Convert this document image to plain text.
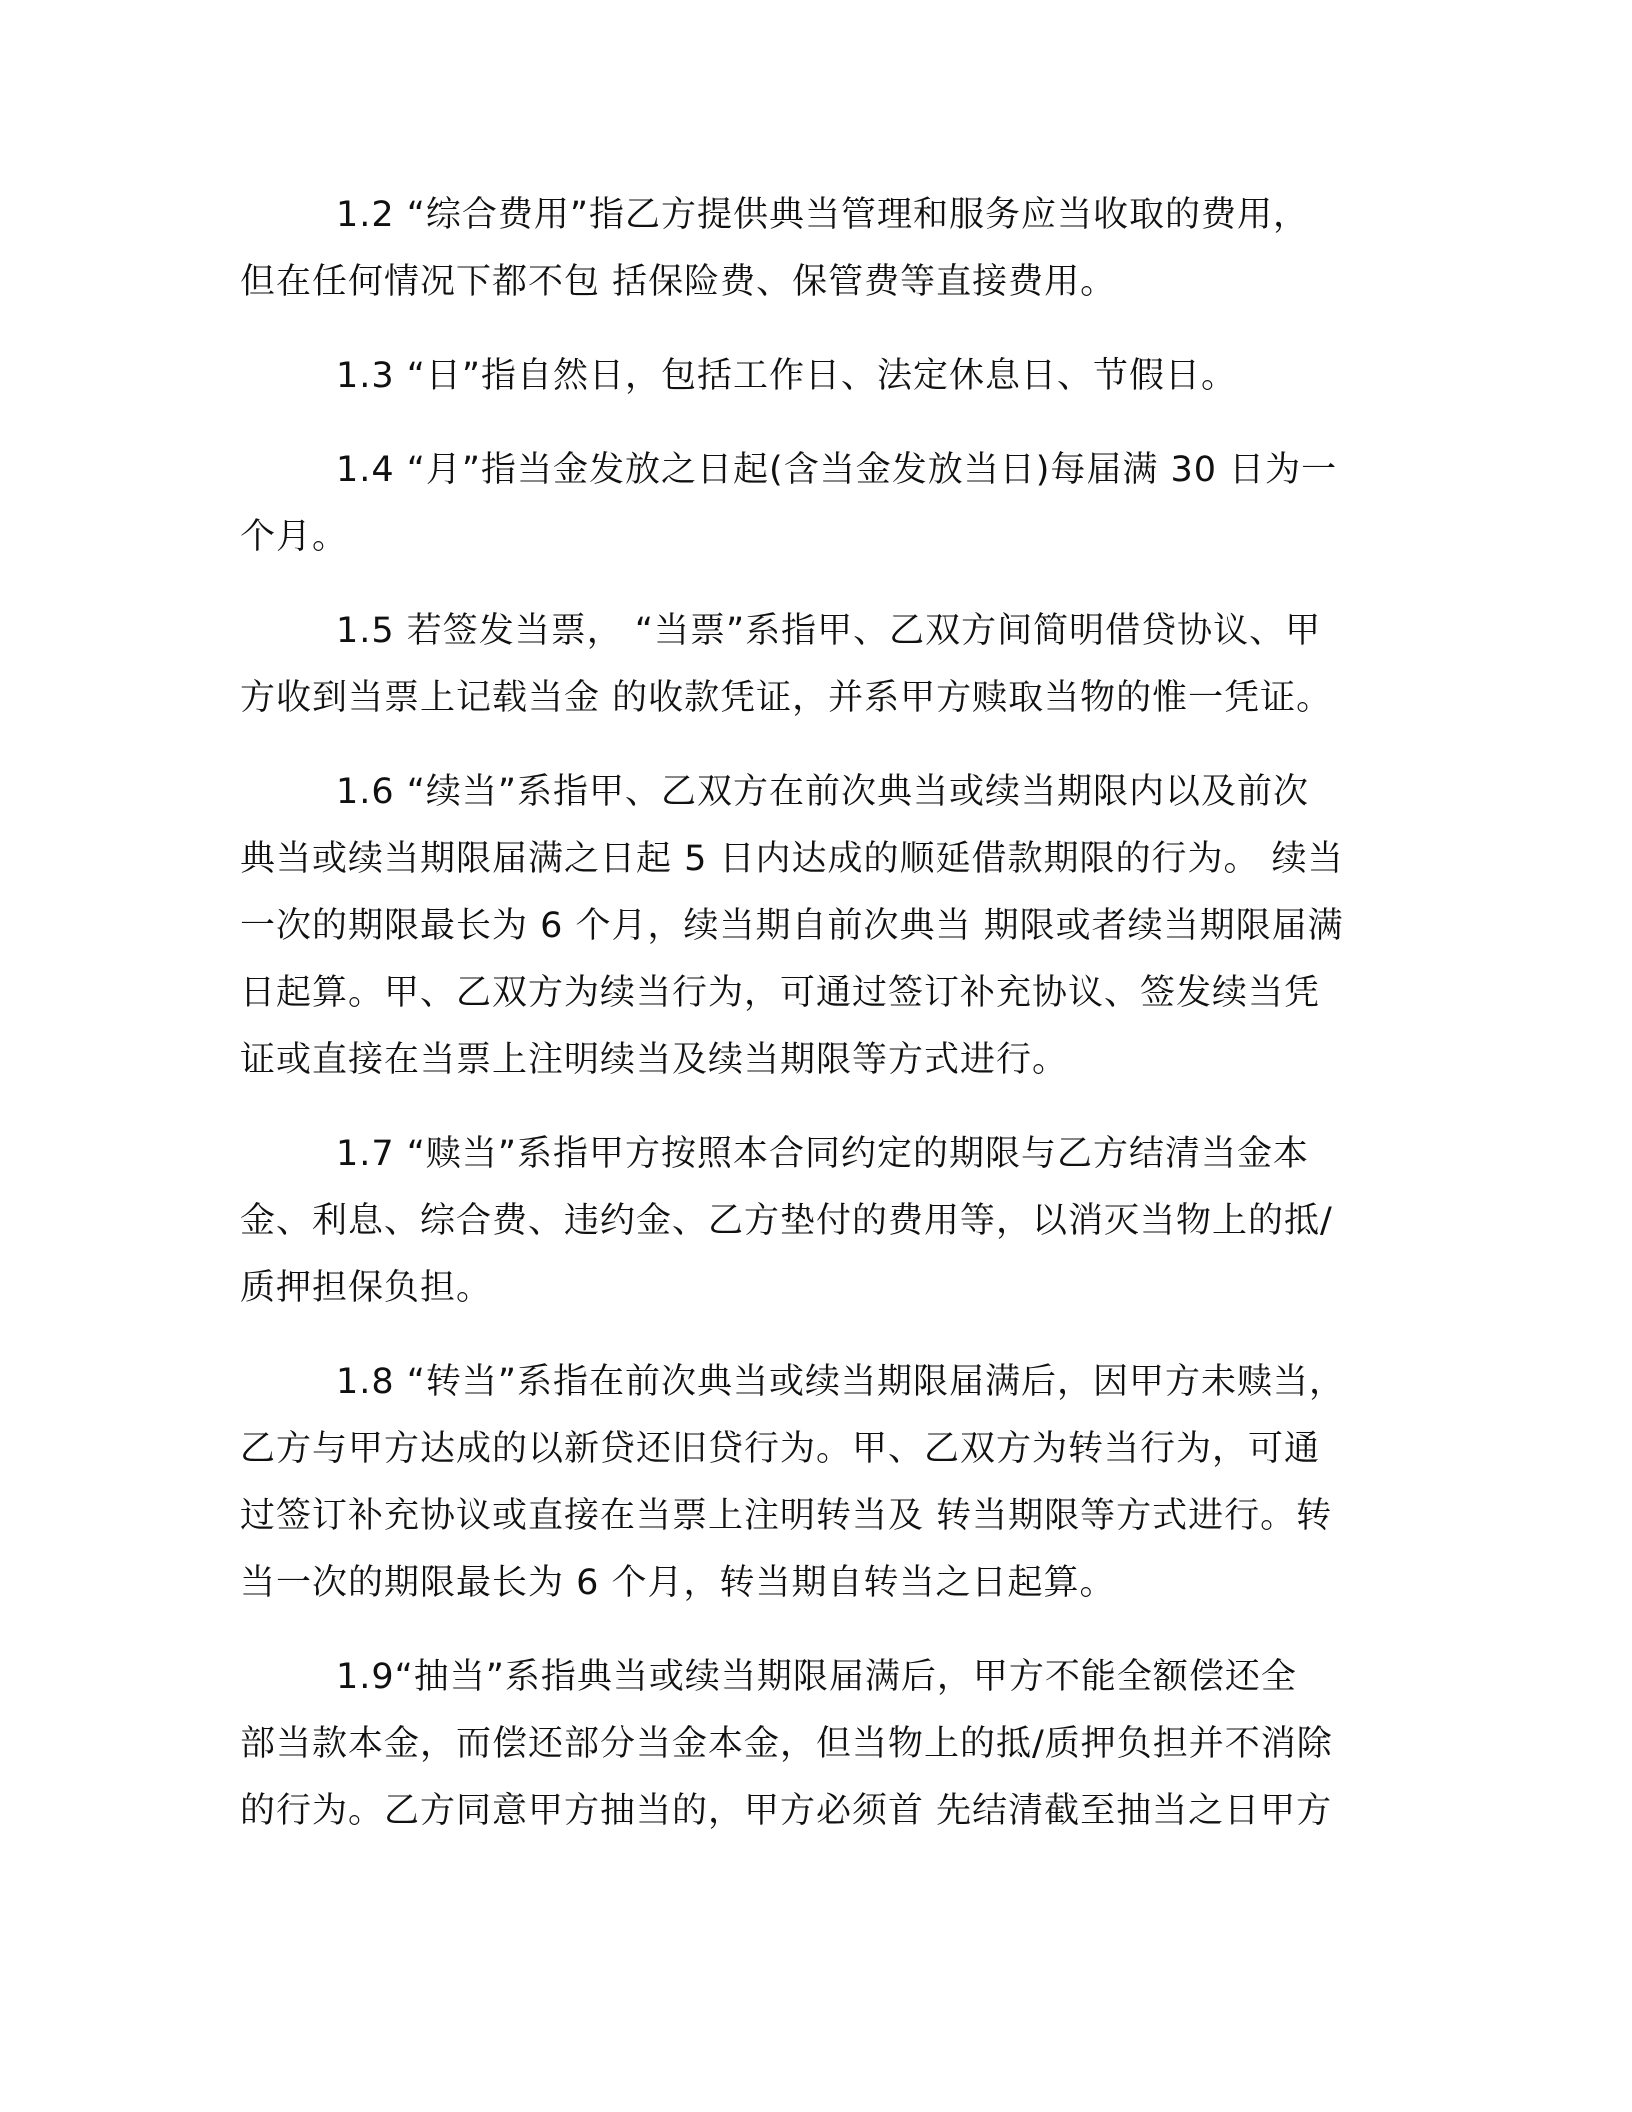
1.2 “综合费用”指乙方提供典当管理和服务应当收取的费用，
但在任何情况下都不包 括保险费、保管费等直接费用。
1.3 “日”指自然日，包括工作日、法定休息日、节假日。
1.4 “月”指当金发放之日起(含当金发放当日)每届满 30 日为一
个月。
1.5 若签发当票， “当票”系指甲、乙双方间简明借贷协议、甲
方收到当票上记载当金 的收款凭证，并系甲方赎取当物的惟一凭证。
1.6 “续当”系指甲、乙双方在前次典当或续当期限内以及前次
典当或续当期限届满之日起 5 日内达成的顺延借款期限的行为。 续当
一次的期限最长为 6 个月，续当期自前次典当 期限或者续当期限届满
日起算。甲、乙双方为续当行为，可通过签订补充协议、签发续当凭
证或直接在当票上注明续当及续当期限等方式进行。
1.7 “赎当”系指甲方按照本合同约定的期限与乙方结清当金本
金、利息、综合费、违约金、乙方垫付的费用等，以消灭当物上的抵/
质押担保负担。
1.8 “转当”系指在前次典当或续当期限届满后，因甲方未赎当，
乙方与甲方达成的以新贷还旧贷行为。甲、乙双方为转当行为，可通
过签订补充协议或直接在当票上注明转当及 转当期限等方式进行。转
当一次的期限最长为 6 个月，转当期自转当之日起算。
1.9“抽当”系指典当或续当期限届满后，甲方不能全额偿还全
部当款本金，而偿还部分当金本金，但当物上的抵/质押负担并不消除
的行为。乙方同意甲方抽当的，甲方必须首 先结清截至抽当之日甲方
